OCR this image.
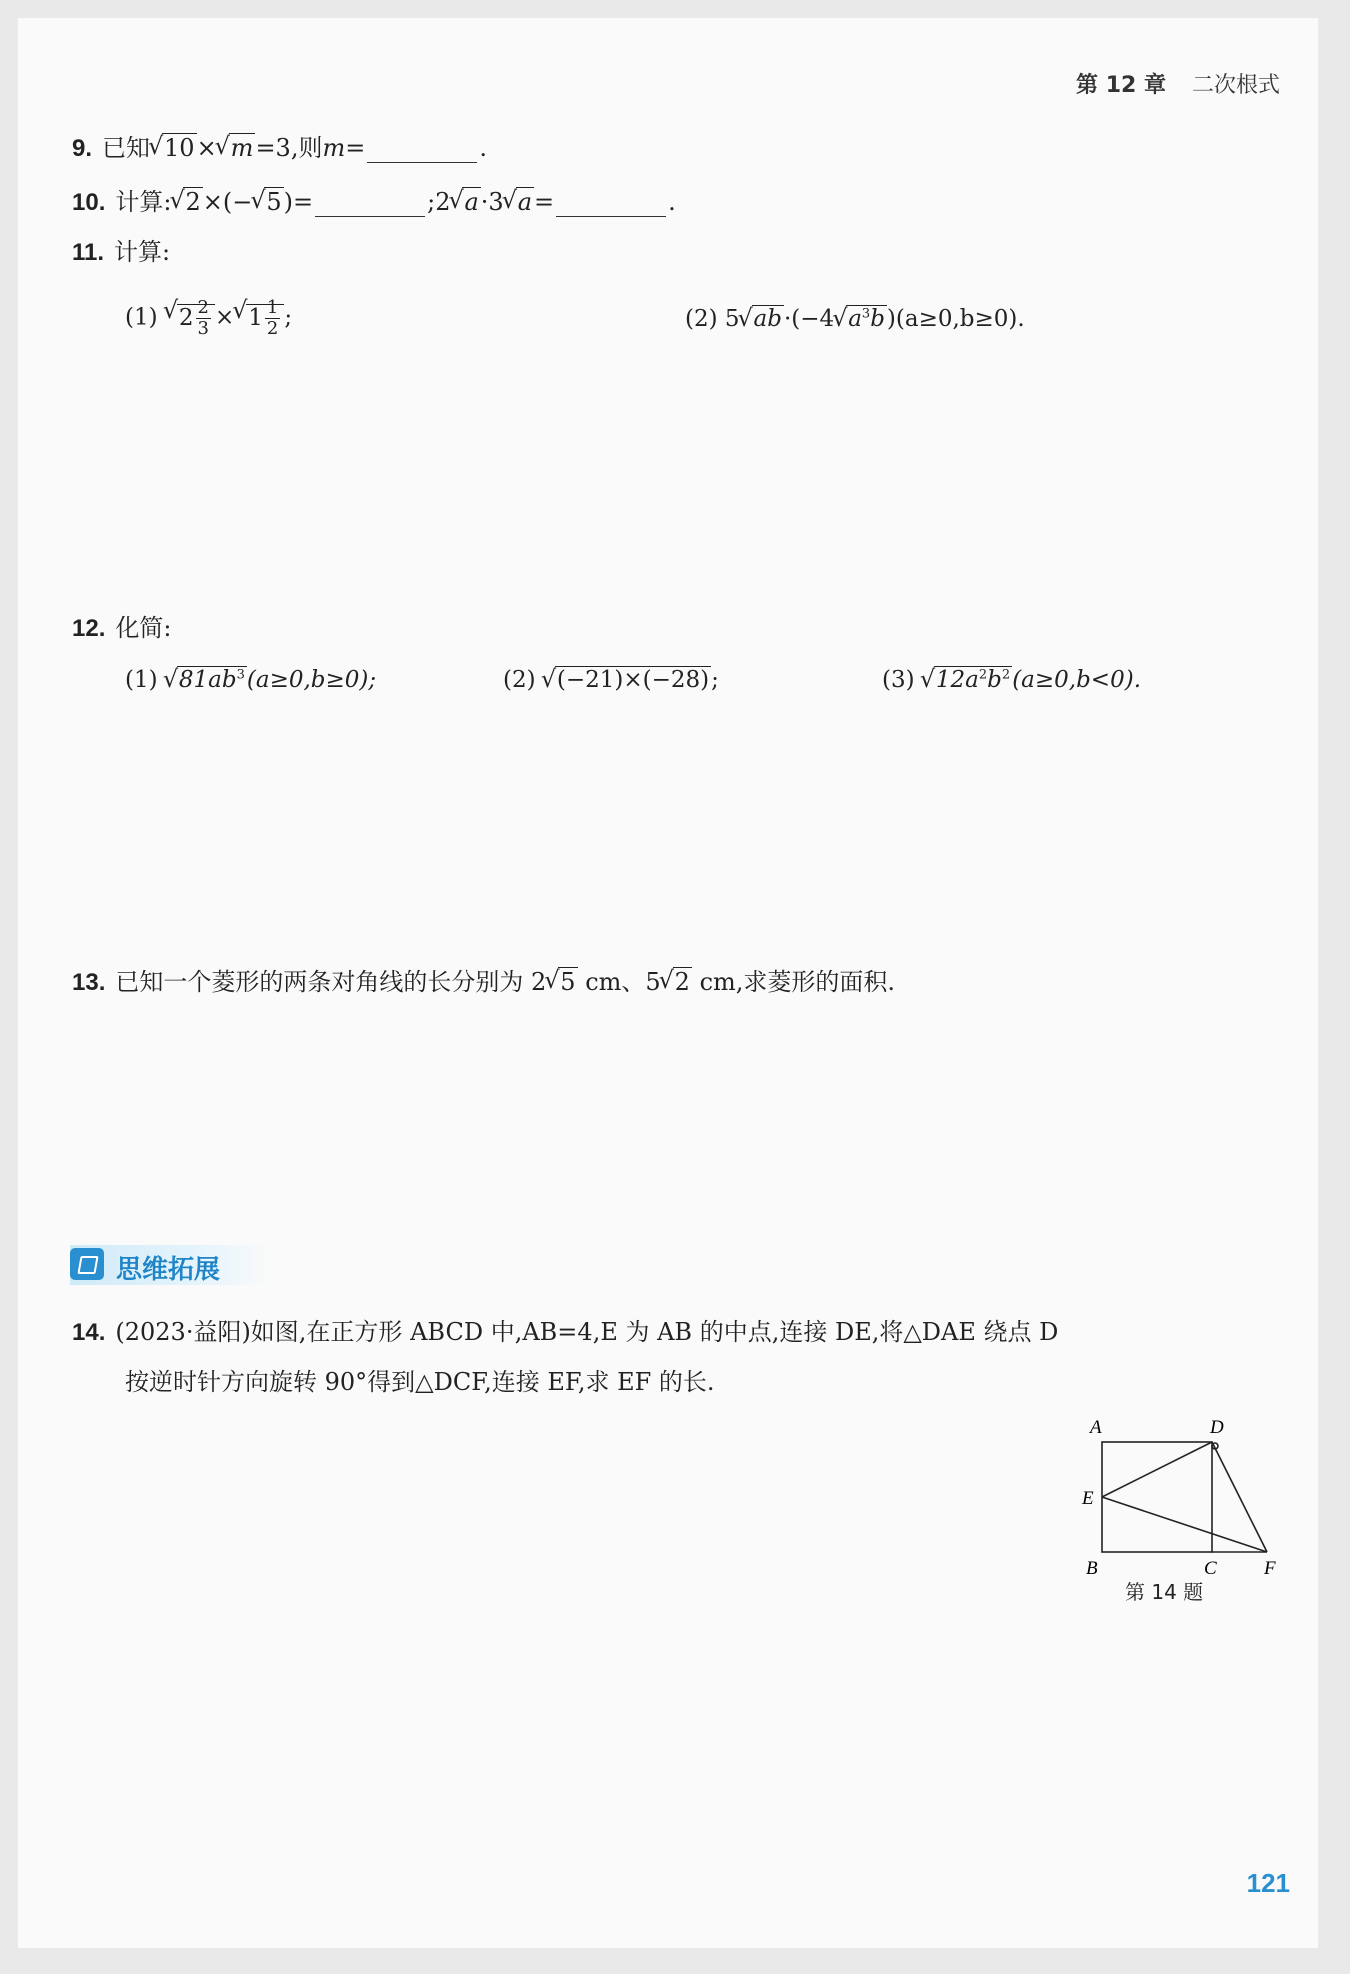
第 12 章 二次根式
9. 已知 √ 10× √ m=3,则m=	.
10. 计算: √ 2×(− √ 5)=	;2 √ a·3 √ a=	.
11. 计算:
(1) √ $2 \frac{2}{3}$ × √ $1 \frac{1}{2}$ ;	(2) 5 √ ab·(−4 √ $a^3b)(a\ge 0,b\ge 0)$.
12. 化简:
(1) √ $81ab^3(a\ge 0,b\ge 0)$;	(2) √ (−21)×(−28);	(3) √ $12a^2b^2(a\ge 0,b<0)$.
13. 已知一个菱形的两条对角线的长分别为 2 √ 5 cm、5 √ 2 cm,求菱形的面积.
思维拓展
14. (2023·益阳)如图,在正方形 ABCD 中,AB=4,E 为 AB 的中点,连接 DE,将△DAE 绕点 D
按逆时针方向旋转 90°得到△DCF,连接 EF,求 EF 的长.
A	D
E
B	C F
第 14 题
121
